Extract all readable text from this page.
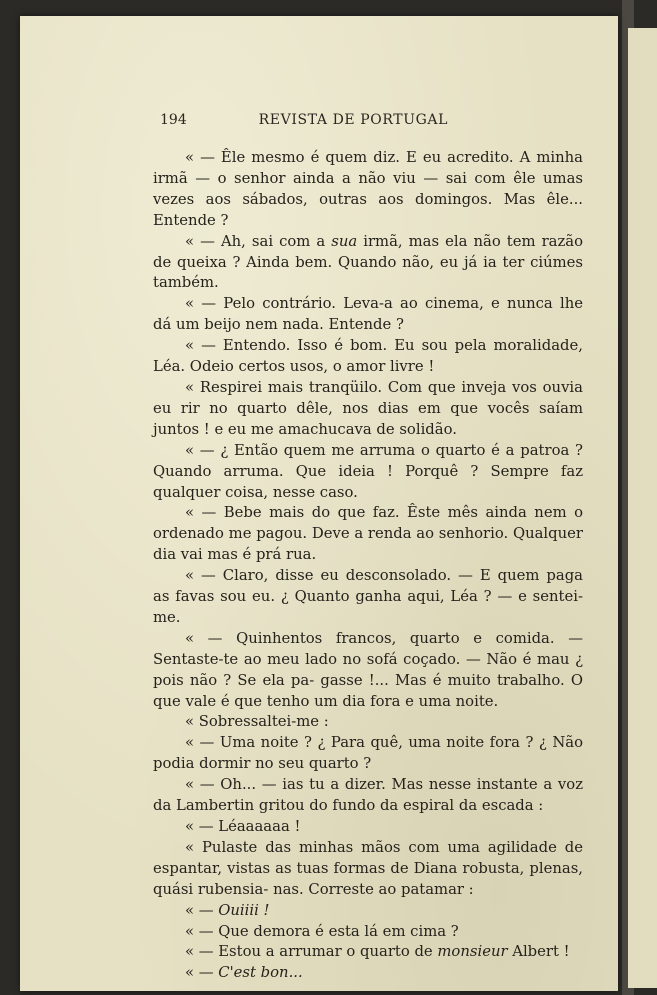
194	REVISTA DE PORTUGAL

« — Êle mesmo é quem diz. E eu acredito. A minha irmã — o senhor ainda a não viu — sai com êle umas vezes aos sábados, outras aos domingos. Mas êle... Entende ?

« — Ah, sai com a sua irmã, mas ela não tem razão de queixa ? Ainda bem. Quando não, eu já ia ter ciúmes também.

« — Pelo contrário. Leva-a ao cinema, e nunca lhe dá um beijo nem nada. Entende ?

« — Entendo. Isso é bom. Eu sou pela moralidade, Léa. Odeio certos usos, o amor livre !

« Respirei mais tranqüilo. Com que inveja vos ouvia eu rir no quarto dêle, nos dias em que vocês saíam juntos ! e eu me amachucava de solidão.

« — ¿ Então quem me arruma o quarto é a patroa ? Quando arruma. Que ideia ! Porquê ? Sempre faz qualquer coisa, nesse caso.

« — Bebe mais do que faz. Êste mês ainda nem o ordenado me pagou. Deve a renda ao senhorio. Qualquer dia vai mas é prá rua.

« — Claro, disse eu desconsolado. — E quem paga as favas sou eu. ¿ Quanto ganha aqui, Léa ? — e sentei-me.

« — Quinhentos francos, quarto e comida. — Sentaste-te ao meu lado no sofá coçado. — Não é mau ¿ pois não ? Se ela pa- gasse !... Mas é muito trabalho. O que vale é que tenho um dia fora e uma noite.

« Sobressaltei-me :

« — Uma noite ? ¿ Para quê, uma noite fora ? ¿ Não podia dormir no seu quarto ?

« — Oh... — ias tu a dizer. Mas nesse instante a voz da Lambertin gritou do fundo da espiral da escada :

« — Léaaaaaa !

« Pulaste das minhas mãos com uma agilidade de espantar, vistas as tuas formas de Diana robusta, plenas, quási rubensia- nas. Correste ao patamar :

« — Ouiiii !

« — Que demora é esta lá em cima ?

« — Estou a arrumar o quarto de monsieur Albert !

« — C'est bon...
